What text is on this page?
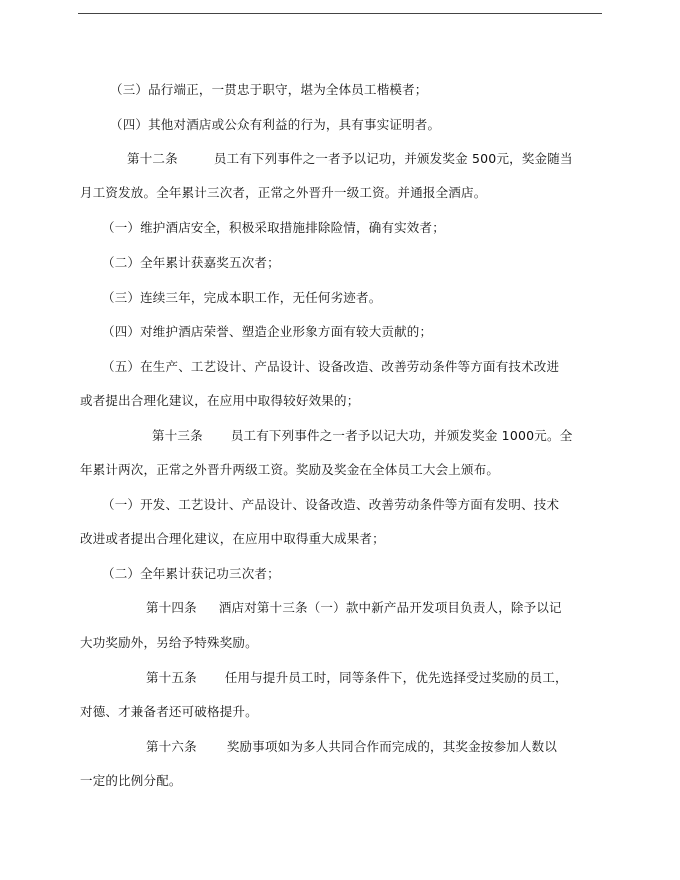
（三）品行端正，一贯忠于职守，堪为全体员工楷模者；
（四）其他对酒店或公众有利益的行为，具有事实证明者。
第十二条	员工有下列事件之一者予以记功，并颁发奖金 500元，奖金随当
月工资发放。全年累计三次者，正常之外晋升一级工资。并通报全酒店。
（一）维护酒店安全，积极采取措施排除险情，确有实效者；
（二）全年累计获嘉奖五次者；
（三）连续三年，完成本职工作，无任何劣迹者。
（四）对维护酒店荣誉、塑造企业形象方面有较大贡献的；
（五）在生产、工艺设计、产品设计、设备改造、改善劳动条件等方面有技术改进
或者提出合理化建议，在应用中取得较好效果的；
第十三条 员工有下列事件之一者予以记大功，并颁发奖金 1000元。全
年累计两次，正常之外晋升两级工资。奖励及奖金在全体员工大会上颁布。
（一）开发、工艺设计、产品设计、设备改造、改善劳动条件等方面有发明、技术
改进或者提出合理化建议，在应用中取得重大成果者；
（二）全年累计获记功三次者；
第十四条 酒店对第十三条（一）款中新产品开发项目负责人，除予以记
大功奖励外，另给予特殊奖励。
第十五条 任用与提升员工时，同等条件下，优先选择受过奖励的员工，
对德、才兼备者还可破格提升。
第十六条 奖励事项如为多人共同合作而完成的，其奖金按参加人数以
一定的比例分配。
